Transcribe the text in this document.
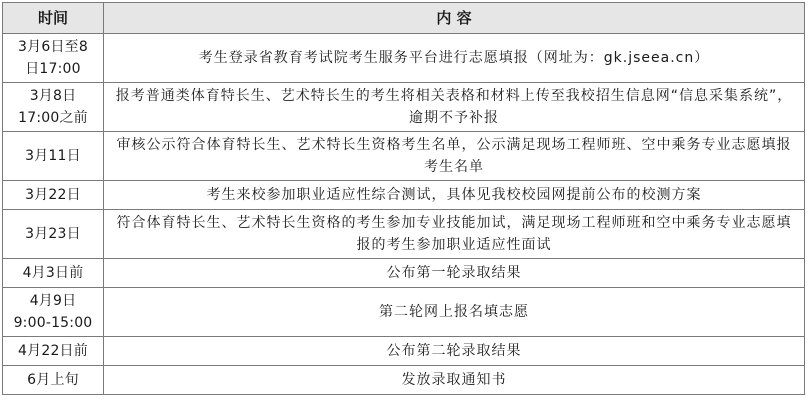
时间	内 容
3月6日至8
日17:00	考生登录省教育考试院考生服务平台进行志愿填报（网址为：gk.jseea.cn）
3月8日
17:00之前	报考普通类体育特长生、艺术特长生的考生将相关表格和材料上传至我校招生信息网“信息采集系统”，逾期不予补报
3月11日	审核公示符合体育特长生、艺术特长生资格考生名单，公示满足现场工程师班、空中乘务专业志愿填报考生名单
3月22日	考生来校参加职业适应性综合测试，具体见我校校园网提前公布的校测方案
3月23日	符合体育特长生、艺术特长生资格的考生参加专业技能加试，满足现场工程师班和空中乘务专业志愿填报的考生参加职业适应性面试
4月3日前	公布第一轮录取结果
4月9日
9:00-15:00	第二轮网上报名填志愿
4月22日前	公布第二轮录取结果
6月上旬	发放录取通知书
